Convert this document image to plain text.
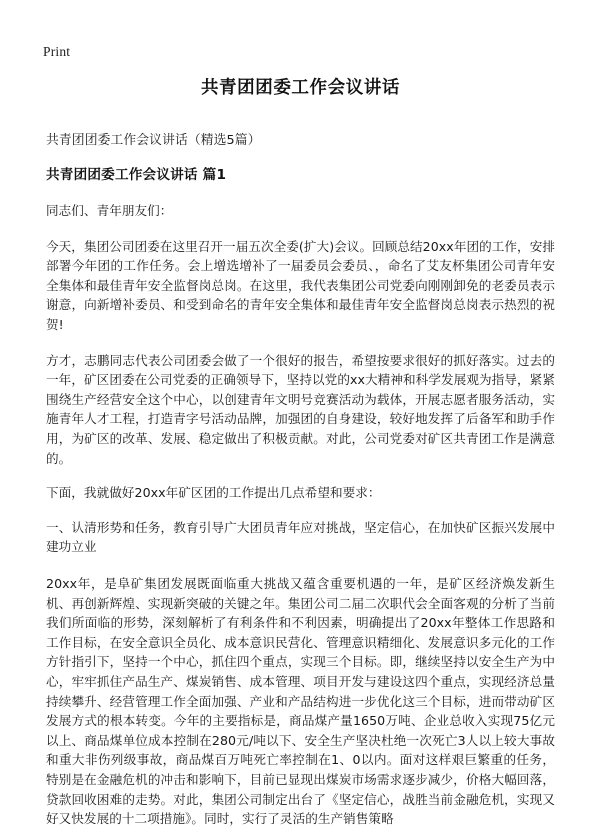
Print
共青团团委工作会议讲话

共青团团委工作会议讲话（精选5篇）

共青团团委工作会议讲话 篇1

同志们、青年朋友们：

今天，集团公司团委在这里召开一届五次全委(扩大)会议。回顾总结20xx年团的工作，安排部署今年团的工作任务。会上增选增补了一届委员会委员、，命名了艾友杯集团公司青年安全集体和最佳青年安全监督岗总岗。在这里，我代表集团公司党委向刚刚卸免的老委员表示谢意，向新增补委员、和受到命名的青年安全集体和最佳青年安全监督岗总岗表示热烈的祝贺!

方才，志鹏同志代表公司团委会做了一个很好的报告，希望按要求很好的抓好落实。过去的一年，矿区团委在公司党委的正确领导下，坚持以党的xx大精神和科学发展观为指导，紧紧围绕生产经营安全这个中心，以创建青年文明号竞赛活动为载体，开展志愿者服务活动，实施青年人才工程，打造青字号活动品牌，加强团的自身建设，较好地发挥了后备军和助手作用，为矿区的改革、发展、稳定做出了积极贡献。对此，公司党委对矿区共青团工作是满意的。

下面，我就做好20xx年矿区团的工作提出几点希望和要求：

一、认清形势和任务，教育引导广大团员青年应对挑战，坚定信心，在加快矿区振兴发展中建功立业

20xx年，是阜矿集团发展既面临重大挑战又蕴含重要机遇的一年，是矿区经济焕发新生机、再创新辉煌、实现新突破的关键之年。集团公司二届二次职代会全面客观的分析了当前我们所面临的形势，深刻解析了有利条件和不利因素，明确提出了20xx年整体工作思路和工作目标，在安全意识全员化、成本意识民营化、管理意识精细化、发展意识多元化的工作方针指引下，坚持一个中心，抓住四个重点，实现三个目标。即，继续坚持以安全生产为中心，牢牢抓住产品生产、煤炭销售、成本管理、项目开发与建设这四个重点，实现经济总量持续攀升、经营管理工作全面加强、产业和产品结构进一步优化这三个目标，进而带动矿区发展方式的根本转变。今年的主要指标是，商品煤产量1650万吨、企业总收入实现75亿元以上、商品煤单位成本控制在280元/吨以下、安全生产坚决杜绝一次死亡3人以上较大事故和重大非伤列级事故，商品煤百万吨死亡率控制在1、0以内。面对这样艰巨繁重的任务，特别是在金融危机的冲击和影响下，目前已显现出煤炭市场需求逐步减少，价格大幅回落，贷款回收困难的走势。对此，集团公司制定出台了《坚定信心，战胜当前金融危机，实现又好又快发展的十二项措施》。同时，实行了灵活的生产销售策略
